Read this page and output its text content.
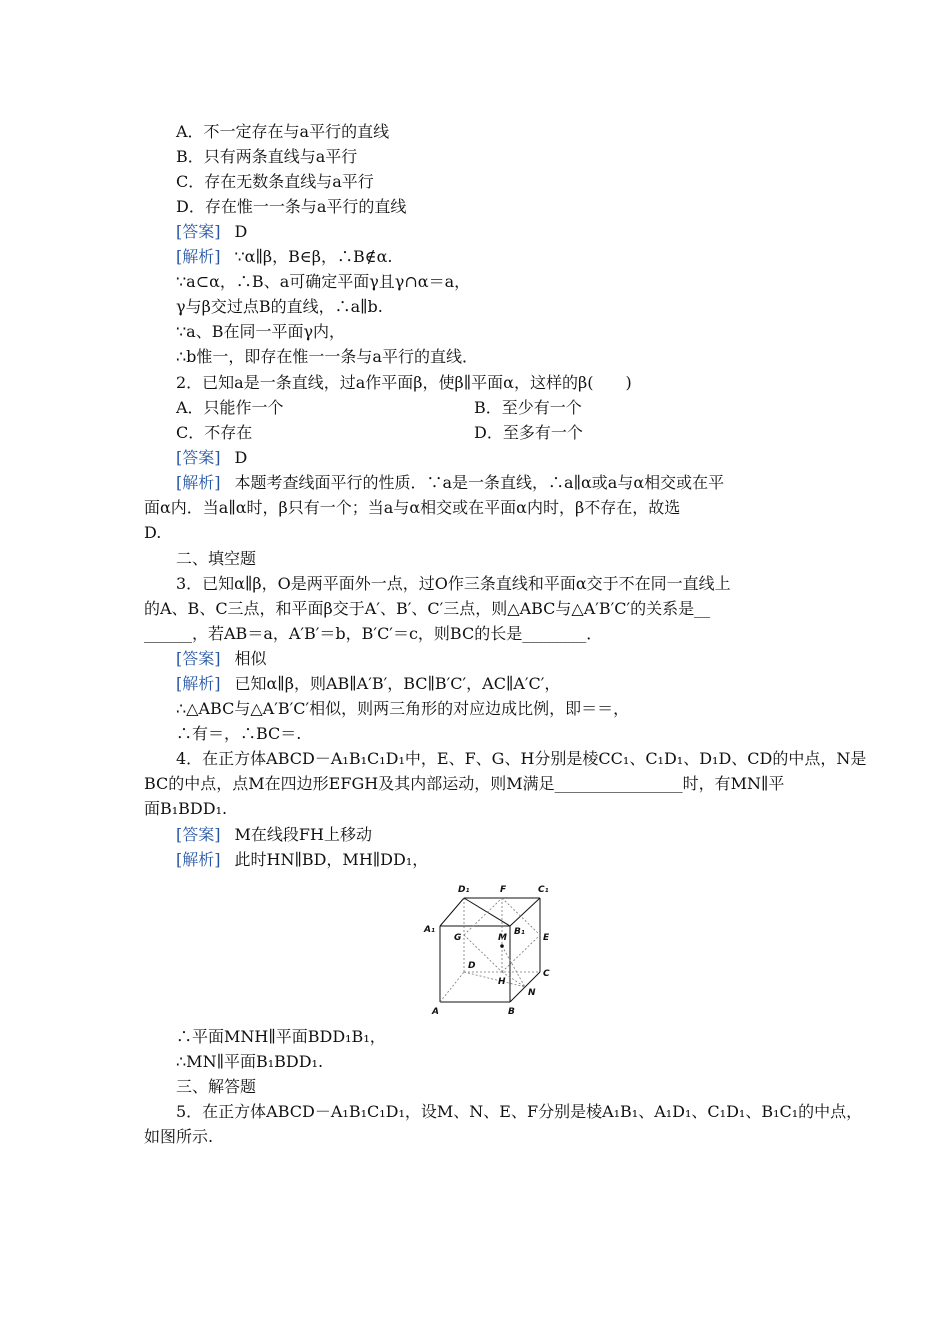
A．不一定存在与a平行的直线
B．只有两条直线与a平行
C．存在无数条直线与a平行
D．存在惟一一条与a平行的直线
[答案] D
[解析] ∵α∥β，B∈β，∴B∉α.
∵a⊂α，∴B、a可确定平面γ且γ∩α＝a，
γ与β交过点B的直线，∴a∥b.
∵a、B在同一平面γ内，
∴b惟一，即存在惟一一条与a平行的直线．
2．已知a是一条直线，过a作平面β，使β∥平面α，这样的β(　　)
A．只能作一个	B．至少有一个
C．不存在	D．至多有一个
[答案] D
[解析] 本题考查线面平行的性质．∵a是一条直线，∴a∥α或a与α相交或在平
面α内．当a∥α时，β只有一个；当a与α相交或在平面α内时，β不存在，故选
D.
二、填空题
3．已知α∥β，O是两平面外一点，过O作三条直线和平面α交于不在同一直线上
的A、B、C三点，和平面β交于A′、B′、C′三点，则△ABC与△A′B′C′的关系是__
______，若AB＝a，A′B′＝b，B′C′＝c，则BC的长是________．
[答案] 相似
[解析] 已知α∥β，则AB∥A′B′，BC∥B′C′，AC∥A′C′，
∴△ABC与△A′B′C′相似，则两三角形的对应边成比例，即＝＝，
∴有＝，∴BC＝.
4．在正方体ABCD－A₁B₁C₁D₁中，E、F、G、H分别是棱CC₁、C₁D₁、D₁D、CD的中点，N是
BC的中点，点M在四边形EFGH及其内部运动，则M满足________________时，有MN∥平
面B₁BDD₁.
[答案] M在线段FH上移动
[解析] 此时HN∥BD，MH∥DD₁，
D₁	F	C₁
A₁
G	M
B₁
E
D
H
C
N
A	B
∴平面MNH∥平面BDD₁B₁，
∴MN∥平面B₁BDD₁.
三、解答题
5．在正方体ABCD－A₁B₁C₁D₁，设M、N、E、F分别是棱A₁B₁、A₁D₁、C₁D₁、B₁C₁的中点，
如图所示.
